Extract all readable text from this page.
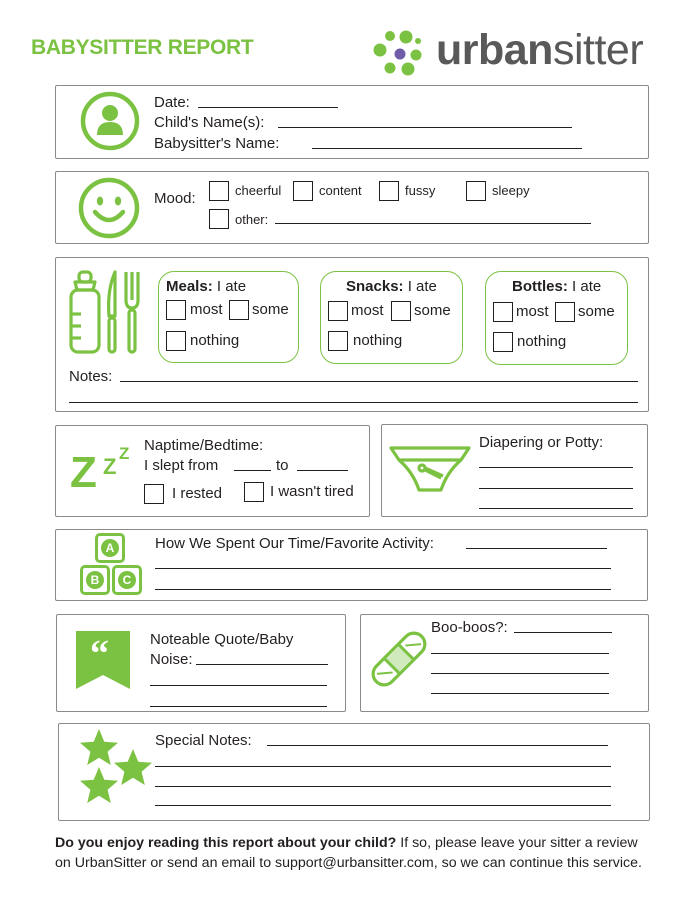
BABYSITTER REPORT	urbansitter
Date:
Child's Name(s):
Babysitter's Name:
Mood:	cheerful	content	fussy	sleepy
other:
Meals: I ate
most some
nothing
Snacks: I ate
most some
nothing
Bottles: I ate
most some
nothing
Notes:
Z Z
Z Naptime/Bedtime:
I slept from	to
I rested	I wasn't tired
Diapering or Potty:
A
B	C
How We Spent Our Time/Favorite Activity:
“	Noteable Quote/Baby
Noise:
Boo-boos?:
Special Notes:
Do you enjoy reading this report about your child? If so, please leave your sitter a review on UrbanSitter or send an email to support@urbansitter.com, so we can continue this service.
